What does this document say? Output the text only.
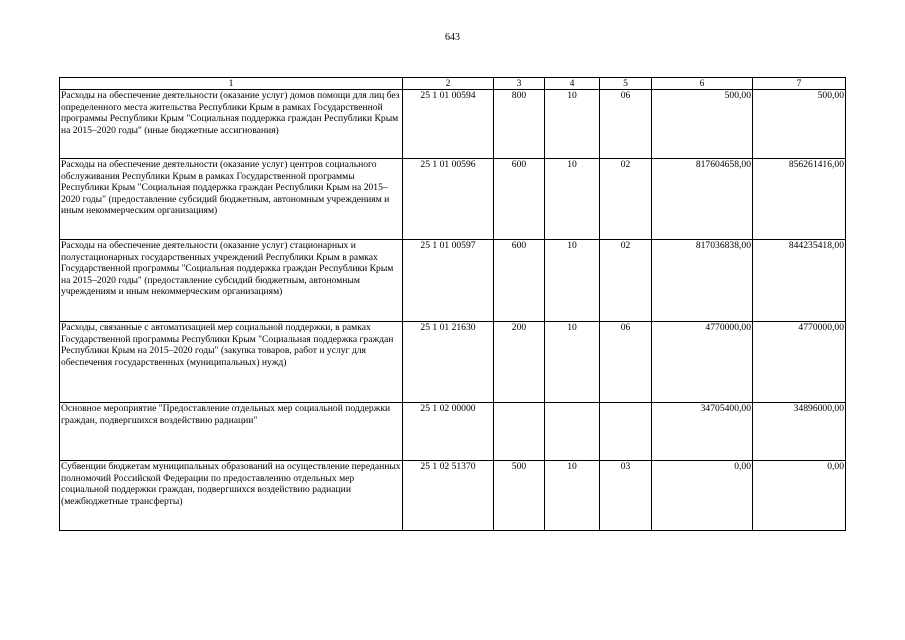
643
1	2	3	4	5	6	7
Расходы на обеспечение деятельности (оказание услуг) домов помощи для лиц без определенного места жительства Республики Крым в рамках Государственной программы Республики Крым "Социальная поддержка граждан Республики Крым на 2015–2020 годы" (иные бюджетные ассигнования)	25 1 01 00594	800	10	06	500,00	500,00
Расходы на обеспечение деятельности (оказание услуг) центров социального обслуживания Республики Крым в рамках Государственной программы Республики Крым "Социальная поддержка граждан Республики Крым на 2015–2020 годы" (предоставление субсидий бюджетным, автономным учреждениям и иным некоммерческим организациям)	25 1 01 00596	600	10	02	817604658,00	856261416,00
Расходы на обеспечение деятельности (оказание услуг) стационарных и полустационарных государственных учреждений Республики Крым в рамках Государственной программы "Социальная поддержка граждан Республики Крым на 2015–2020 годы" (предоставление субсидий бюджетным, автономным учреждениям и иным некоммерческим организациям)	25 1 01 00597	600	10	02	817036838,00	844235418,00
Расходы, связанные с автоматизацией мер социальной поддержки, в рамках Государственной программы Республики Крым "Социальная поддержка граждан Республики Крым на 2015–2020 годы" (закупка товаров, работ и услуг для обеспечения государственных (муниципальных) нужд)	25 1 01 21630	200	10	06	4770000,00	4770000,00
Основное мероприятие "Предоставление отдельных мер социальной поддержки граждан, подвергшихся воздействию радиации"	25 1 02 00000				34705400,00	34896000,00
Субвенции бюджетам муниципальных образований на осуществление переданных полномочий Российской Федерации по предоставлению отдельных мер социальной поддержки граждан, подвергшихся воздействию радиации (межбюджетные трансферты)	25 1 02 51370	500	10	03	0,00	0,00
